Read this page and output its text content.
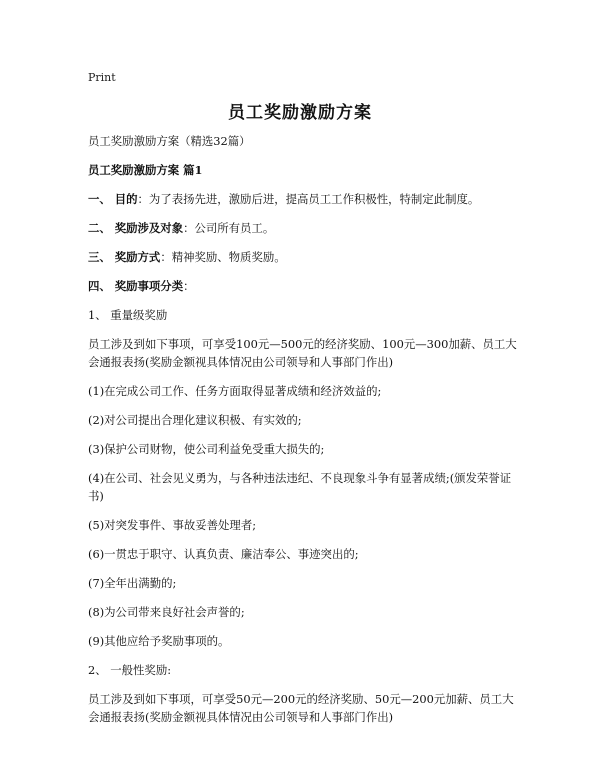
Print
员工奖励激励方案

员工奖励激励方案（精选32篇）

员工奖励激励方案 篇1

一、 目的：为了表扬先进，激励后进，提高员工工作积极性，特制定此制度。

二、 奖励涉及对象：公司所有员工。

三、 奖励方式：精神奖励、物质奖励。

四、 奖励事项分类：

1、 重量级奖励

员工涉及到如下事项，可享受100元—500元的经济奖励、100元—300加薪、员工大会通报表扬(奖励金额视具体情况由公司领导和人事部门作出)

(1)在完成公司工作、任务方面取得显著成绩和经济效益的;

(2)对公司提出合理化建议积极、有实效的;

(3)保护公司财物，使公司利益免受重大损失的;

(4)在公司、社会见义勇为，与各种违法违纪、不良现象斗争有显著成绩;(颁发荣誉证书)

(5)对突发事件、事故妥善处理者;

(6)一贯忠于职守、认真负责、廉洁奉公、事迹突出的;

(7)全年出满勤的;

(8)为公司带来良好社会声誉的;

(9)其他应给予奖励事项的。

2、 一般性奖励:

员工涉及到如下事项，可享受50元—200元的经济奖励、50元—200元加薪、员工大会通报表扬(奖励金额视具体情况由公司领导和人事部门作出)
